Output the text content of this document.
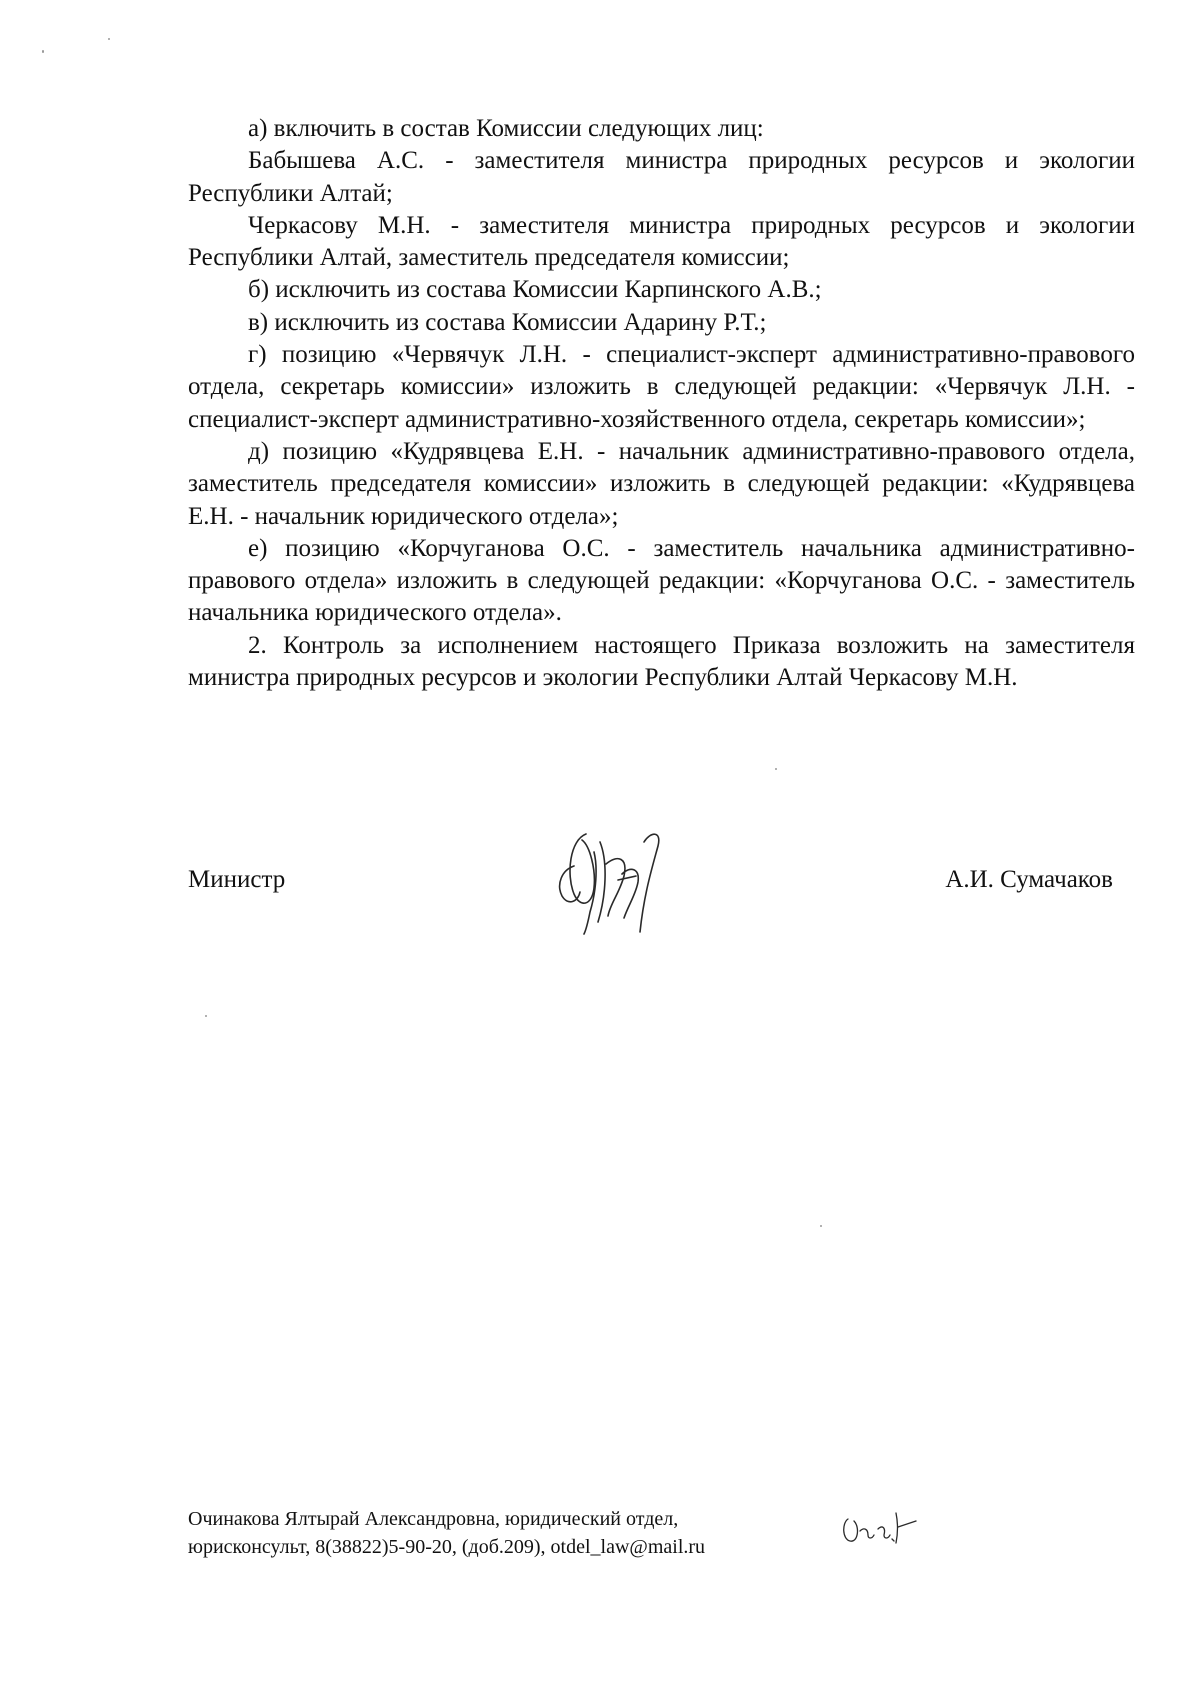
а) включить в состав Комиссии следующих лиц:

Бабышева А.С. - заместителя министра природных ресурсов и экологии Республики Алтай;

Черкасову М.Н. - заместителя министра природных ресурсов и экологии Республики Алтай, заместитель председателя комиссии;

б) исключить из состава Комиссии Карпинского А.В.;

в) исключить из состава Комиссии Адарину Р.Т.;

г) позицию «Червячук Л.Н. - специалист-эксперт административно-правового отдела, секретарь комиссии» изложить в следующей редакции: «Червячук Л.Н. - специалист-эксперт административно-хозяйственного отдела, секретарь комиссии»;

д) позицию «Кудрявцева Е.Н. - начальник административно-правового отдела, заместитель председателя комиссии» изложить в следующей редакции: «Кудрявцева Е.Н. - начальник юридического отдела»;

е) позицию «Корчуганова О.С. - заместитель начальника административно-правового отдела» изложить в следующей редакции: «Корчуганова О.С. - заместитель начальника юридического отдела».

2. Контроль за исполнением настоящего Приказа возложить на заместителя министра природных ресурсов и экологии Республики Алтай Черкасову М.Н.

Министр	А.И. Сумачаков

Очинакова Ялтырай Александровна, юридический отдел,

юрисконсульт, 8(38822)5-90-20, (доб.209), otdel_law@mail.ru
